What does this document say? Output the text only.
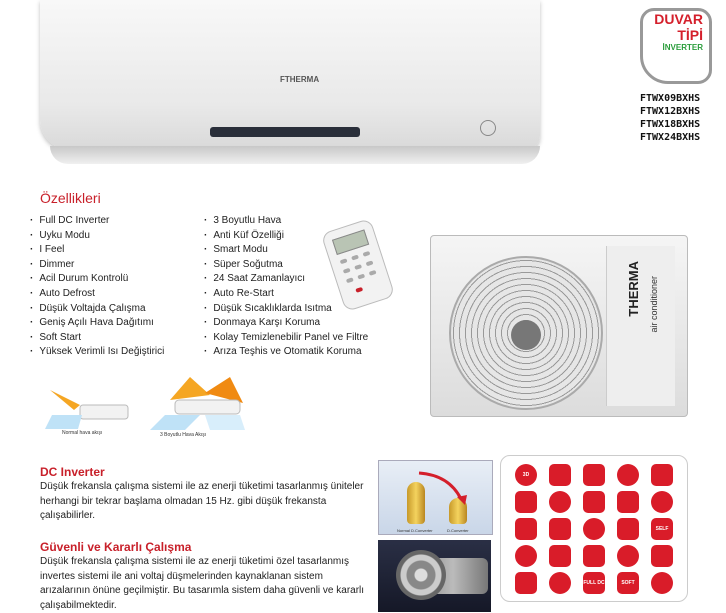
FTHERMA
DUVAR
TİPİ
İNVERTER
FTWX09BXHS
FTWX12BXHS
FTWX18BXHS
FTWX24BXHS
Özellikleri
· Full DC Inverter
· Uyku Modu
· I Feel
· Dimmer
· Acil Durum Kontrolü
· Auto Defrost
· Düşük Voltajda Çalışma
· Geniş Açılı Hava Dağıtımı
· Soft Start
· Yüksek Verimli Isı Değiştirici
· 3 Boyutlu Hava
· Anti Küf Özelliği
· Smart Modu
· Süper Soğutma
· 24 Saat Zamanlayıcı
· Auto Re-Start
· Düşük Sıcaklıklarda Isıtma
· Donmaya Karşı Koruma
· Kolay Temizlenebilir Panel ve Filtre
· Arıza Teşhis ve Otomatik Koruma
THERMA air conditioner
Normal hava akışı	3 Boyutlu Hava Akışı
DC Inverter
Düşük frekansla çalışma sistemi ile az enerji tüketimi tasarlanmış üniteler herhangi bir tekrar başlama olmadan 15 Hz. gibi düşük frekansta çalışabilirler.
Normal D.Converter	D.Converter
Güvenli ve Kararlı Çalışma
Düşük frekansla çalışma sistemi ile az enerji tüketimi özel tasarlanmış invertes sistemi ile ani voltaj düşmelerinden kaynaklanan sistem arızalarının önüne geçilmiştir. Bu tasarımla sistem daha güvenli ve kararlı çalışabilmektedir.
3D
SELF
FULL DC	SOFT
